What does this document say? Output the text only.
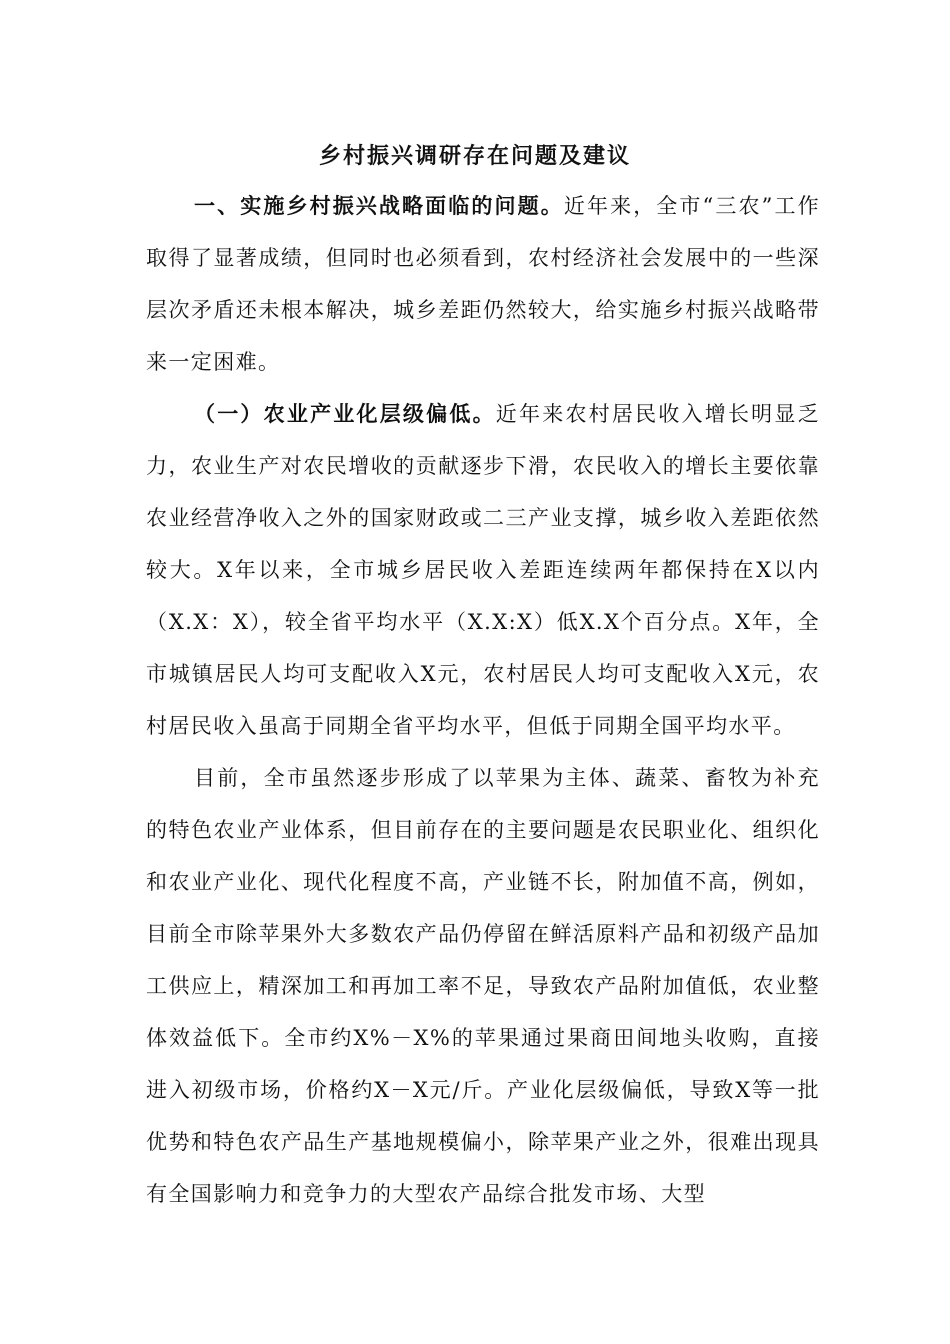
乡村振兴调研存在问题及建议

一、实施乡村振兴战略面临的问题。近年来，全市“三农”工作取得了显著成绩，但同时也必须看到，农村经济社会发展中的一些深层次矛盾还未根本解决，城乡差距仍然较大，给实施乡村振兴战略带来一定困难。

（一）农业产业化层级偏低。近年来农村居民收入增长明显乏力，农业生产对农民增收的贡献逐步下滑，农民收入的增长主要依靠农业经营净收入之外的国家财政或二三产业支撑，城乡收入差距依然较大。X年以来，全市城乡居民收入差距连续两年都保持在X以内（X.X：X），较全省平均水平（X.X:X）低X.X个百分点。X年，全市城镇居民人均可支配收入X元，农村居民人均可支配收入X元，农村居民收入虽高于同期全省平均水平，但低于同期全国平均水平。

目前，全市虽然逐步形成了以苹果为主体、蔬菜、畜牧为补充的特色农业产业体系，但目前存在的主要问题是农民职业化、组织化和农业产业化、现代化程度不高，产业链不长，附加值不高，例如，目前全市除苹果外大多数农产品仍停留在鲜活原料产品和初级产品加工供应上，精深加工和再加工率不足，导致农产品附加值低，农业整体效益低下。全市约X%－X%的苹果通过果商田间地头收购，直接进入初级市场，价格约X－X元/斤。产业化层级偏低，导致X等一批优势和特色农产品生产基地规模偏小，除苹果产业之外，很难出现具有全国影响力和竞争力的大型农产品综合批发市场、大型
